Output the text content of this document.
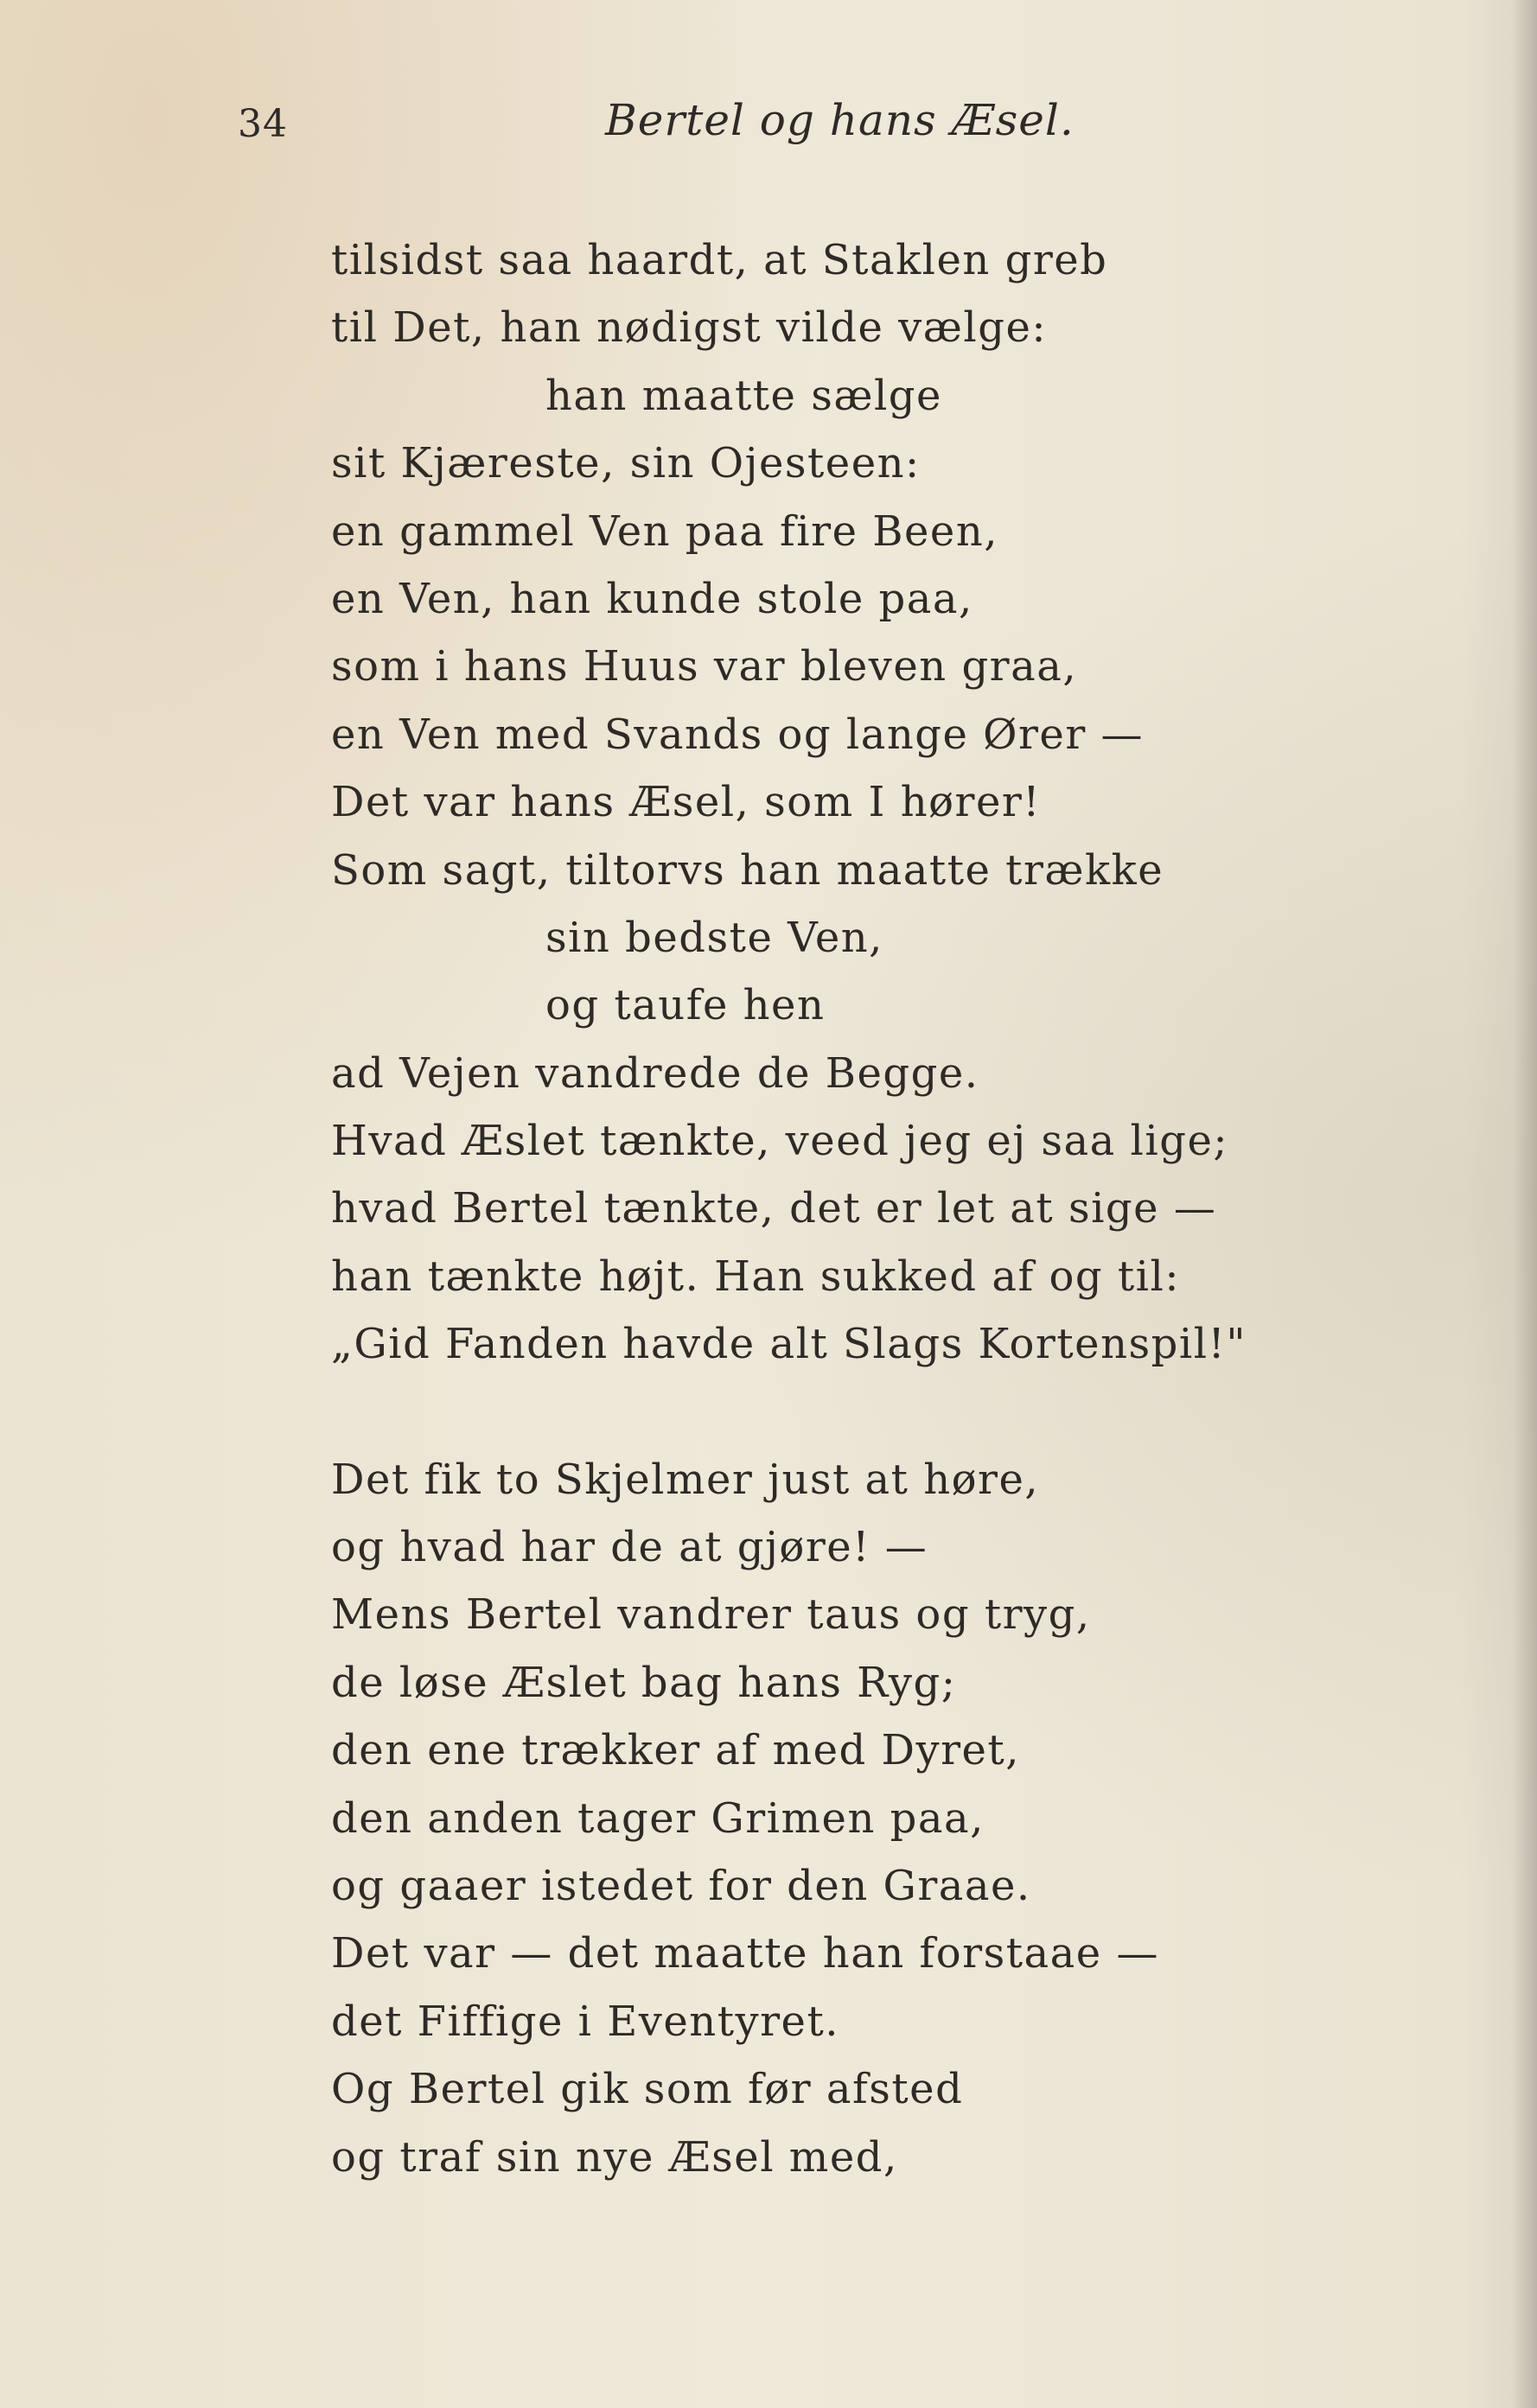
34	Bertel og hans Æsel.
tilsidst saa haardt, at Staklen greb
til Det, han nødigst vilde vælge:
han maatte sælge
sit Kjæreste, sin Ojesteen:
en gammel Ven paa fire Been,
en Ven, han kunde stole paa,
som i hans Huus var bleven graa,
en Ven med Svands og lange Ører —
Det var hans Æsel, som I hører!
Som sagt, tiltorvs han maatte trække
sin bedste Ven,
og taufe hen
ad Vejen vandrede de Begge.
Hvad Æslet tænkte, veed jeg ej saa lige;
hvad Bertel tænkte, det er let at sige —
han tænkte højt. Han sukked af og til:
„Gid Fanden havde alt Slags Kortenspil!"
Det fik to Skjelmer just at høre,
og hvad har de at gjøre! —
Mens Bertel vandrer taus og tryg,
de løse Æslet bag hans Ryg;
den ene trækker af med Dyret,
den anden tager Grimen paa,
og gaaer istedet for den Graae.
Det var — det maatte han forstaae —
det Fiffige i Eventyret.
Og Bertel gik som før afsted
og traf sin nye Æsel med,
